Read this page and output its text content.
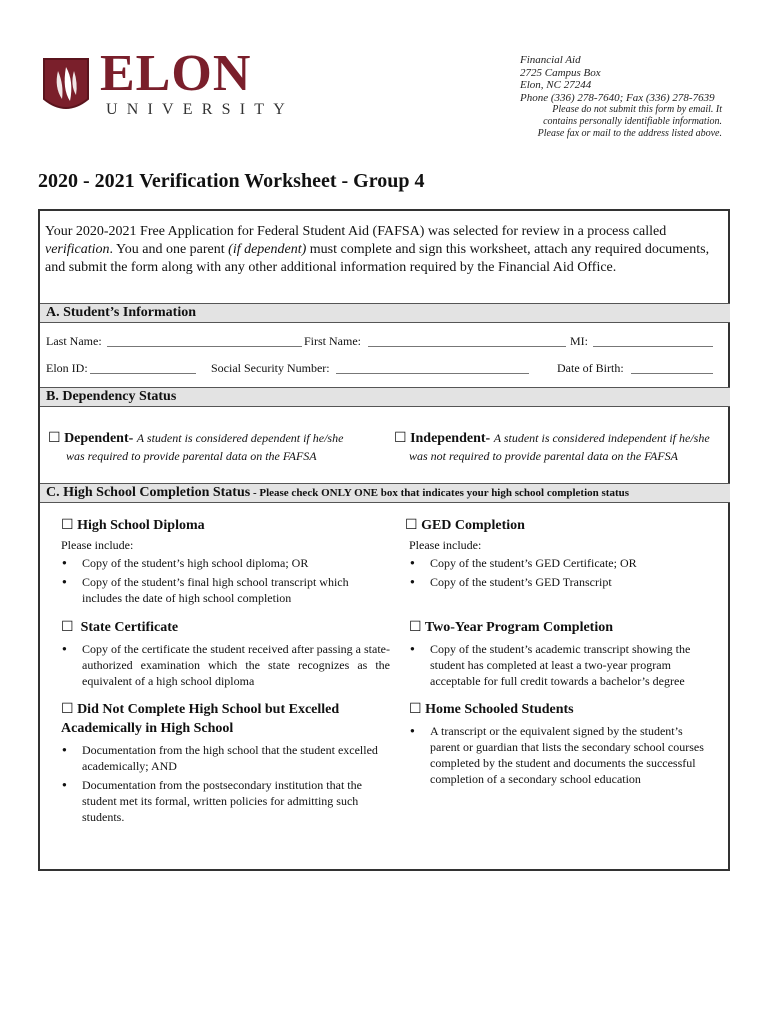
ELON
UNIVERSITY
Financial Aid
2725 Campus Box
Elon, NC 27244
Phone (336) 278-7640; Fax (336) 278-7639
Please do not submit this form by email. It
contains personally identifiable information.
Please fax or mail to the address listed above.
2020 - 2021 Verification Worksheet - Group 4
Your 2020-2021 Free Application for Federal Student Aid (FAFSA) was selected for review in a process called verification. You and one parent (if dependent) must complete and sign this worksheet, attach any required documents, and submit the form along with any other additional information required by the Financial Aid Office.
A. Student’s Information
Last Name:	First Name:	MI:
Elon ID:	Social Security Number:	Date of Birth:
B. Dependency Status
☐ Dependent- A student is considered dependent if he/she
was required to provide parental data on the FAFSA
☐ Independent- A student is considered independent if he/she
was not required to provide parental data on the FAFSA
C. High School Completion Status - Please check ONLY ONE box that indicates your high school completion status
☐ High School Diploma
Please include:
● Copy of the student’s high school diploma; OR
● Copy of the student’s final high school transcript which includes the date of high school completion
☐ GED Completion
Please include:
● Copy of the student’s GED Certificate; OR
● Copy of the student’s GED Transcript
☐ State Certificate
● Copy of the certificate the student received after passing a state-authorized examination which the state recognizes as the equivalent of a high school diploma
☐ Two-Year Program Completion
● Copy of the student’s academic transcript showing the student has completed at least a two-year program acceptable for full credit towards a bachelor’s degree
☐ Did Not Complete High School but Excelled
Academically in High School
● Documentation from the high school that the student excelled academically; AND
● Documentation from the postsecondary institution that the student met its formal, written policies for admitting such students.
☐ Home Schooled Students
● A transcript or the equivalent signed by the student’s parent or guardian that lists the secondary school courses completed by the student and documents the successful completion of a secondary school education
